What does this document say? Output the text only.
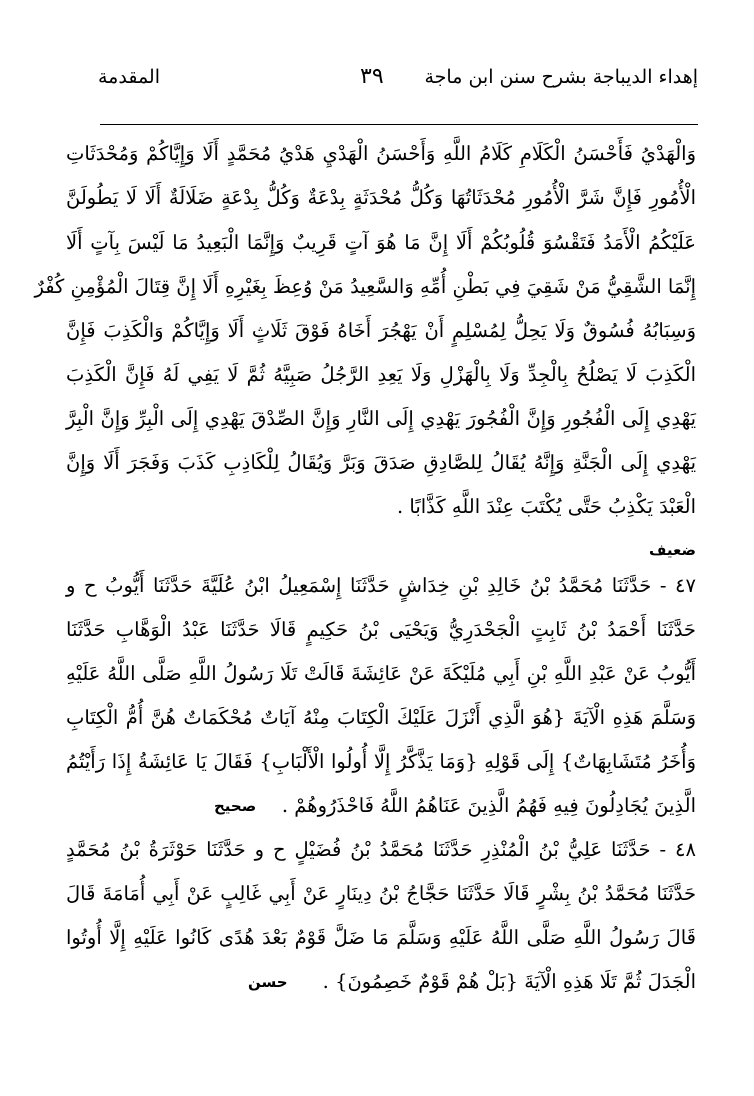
إهداء الديباجة بشرح سنن ابن ماجة
٣٩
المقدمة
وَالْهَدْيُ فَأَحْسَنُ الْكَلَامِ كَلَامُ اللَّهِ وَأَحْسَنُ الْهَدْيِ هَدْيُ مُحَمَّدٍ أَلَا وَإِيَّاكُمْ وَمُحْدَثَاتِ
الْأُمُورِ فَإِنَّ شَرَّ الْأُمُورِ مُحْدَثَاتُهَا وَكُلُّ مُحْدَثَةٍ بِدْعَةٌ وَكُلُّ بِدْعَةٍ ضَلَالَةٌ أَلَا لَا يَطُولَنَّ
عَلَيْكُمُ الْأَمَدُ فَتَقْسُوَ قُلُوبُكُمْ أَلَا إِنَّ مَا هُوَ آتٍ قَرِيبٌ وَإِنَّمَا الْبَعِيدُ مَا لَيْسَ بِآتٍ أَلَا
إِنَّمَا الشَّقِيُّ مَنْ شَقِيَ فِي بَطْنِ أُمِّهِ وَالسَّعِيدُ مَنْ وُعِظَ بِغَيْرِهِ أَلَا إِنَّ قِتَالَ الْمُؤْمِنِ كُفْرٌ
وَسِبَابُهُ فُسُوقٌ وَلَا يَحِلُّ لِمُسْلِمٍ أَنْ يَهْجُرَ أَخَاهُ فَوْقَ ثَلَاثٍ أَلَا وَإِيَّاكُمْ وَالْكَذِبَ فَإِنَّ
الْكَذِبَ لَا يَصْلُحُ بِالْجِدِّ وَلَا بِالْهَزْلِ وَلَا يَعِدِ الرَّجُلُ صَبِيَّهُ ثُمَّ لَا يَفِي لَهُ فَإِنَّ الْكَذِبَ
يَهْدِي إِلَى الْفُجُورِ وَإِنَّ الْفُجُورَ يَهْدِي إِلَى النَّارِ وَإِنَّ الصِّدْقَ يَهْدِي إِلَى الْبِرِّ وَإِنَّ الْبِرَّ
يَهْدِي إِلَى الْجَنَّةِ وَإِنَّهُ يُقَالُ لِلصَّادِقِ صَدَقَ وَبَرَّ وَيُقَالُ لِلْكَاذِبِ كَذَبَ وَفَجَرَ أَلَا وَإِنَّ
الْعَبْدَ يَكْذِبُ حَتَّى يُكْتَبَ عِنْدَ اللَّهِ كَذَّابًا .
ضعيف
٤٧ - حَدَّثَنَا مُحَمَّدُ بْنُ خَالِدِ بْنِ خِدَاشٍ حَدَّثَنَا إِسْمَعِيلُ ابْنُ عُلَيَّةَ حَدَّثَنَا أَيُّوبُ ح و
حَدَّثَنَا أَحْمَدُ بْنُ ثَابِتٍ الْجَحْدَرِيُّ وَيَحْيَى بْنُ حَكِيمٍ قَالَا حَدَّثَنَا عَبْدُ الْوَهَّابِ حَدَّثَنَا
أَيُّوبُ عَنْ عَبْدِ اللَّهِ بْنِ أَبِي مُلَيْكَةَ عَنْ عَائِشَةَ قَالَتْ تَلَا رَسُولُ اللَّهِ صَلَّى اللَّهُ عَلَيْهِ
وَسَلَّمَ هَذِهِ الْآيَةَ {هُوَ الَّذِي أَنْزَلَ عَلَيْكَ الْكِتَابَ مِنْهُ آيَاتٌ مُحْكَمَاتٌ هُنَّ أُمُّ الْكِتَابِ
وَأُخَرُ مُتَشَابِهَاتٌ} إِلَى قَوْلِهِ {وَمَا يَذَّكَّرُ إِلَّا أُولُوا الْأَلْبَابِ} فَقَالَ يَا عَائِشَةُ إِذَا رَأَيْتُمُ
الَّذِينَ يُجَادِلُونَ فِيهِ فَهُمُ الَّذِينَ عَنَاهُمُ اللَّهُ فَاحْذَرُوهُمْ .
صحيح
٤٨ - حَدَّثَنَا عَلِيُّ بْنُ الْمُنْذِرِ حَدَّثَنَا مُحَمَّدُ بْنُ فُضَيْلٍ ح و حَدَّثَنَا حَوْثَرَةُ بْنُ مُحَمَّدٍ
حَدَّثَنَا مُحَمَّدُ بْنُ بِشْرٍ قَالَا حَدَّثَنَا حَجَّاجُ بْنُ دِينَارٍ عَنْ أَبِي غَالِبٍ عَنْ أَبِي أُمَامَةَ قَالَ
قَالَ رَسُولُ اللَّهِ صَلَّى اللَّهُ عَلَيْهِ وَسَلَّمَ مَا ضَلَّ قَوْمٌ بَعْدَ هُدًى كَانُوا عَلَيْهِ إِلَّا أُوتُوا
الْجَدَلَ ثُمَّ تَلَا هَذِهِ الْآيَةَ {بَلْ هُمْ قَوْمٌ خَصِمُونَ} .
حسن
